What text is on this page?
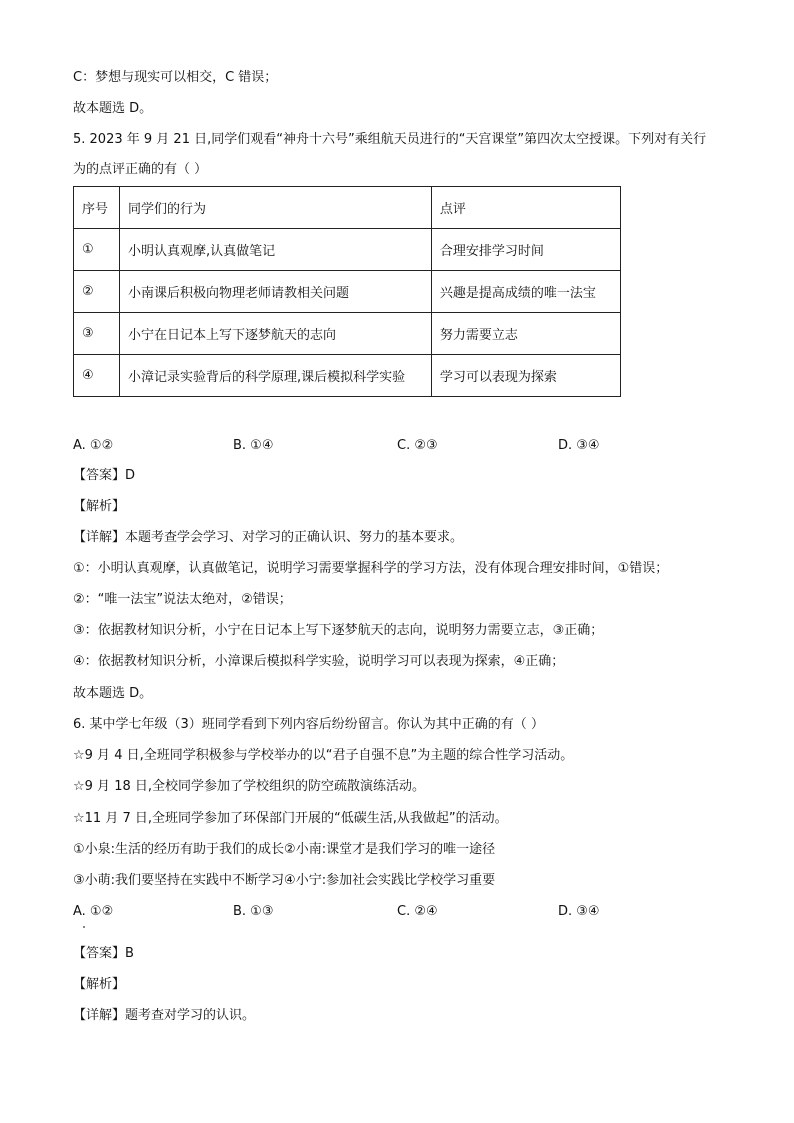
C：梦想与现实可以相交，C 错误；
故本题选 D。
5. 2023 年 9 月 21 日,同学们观看“神舟十六号”乘组航天员进行的“天宫课堂”第四次太空授课。下列对有关行
为的点评正确的有（ ）
序号	同学们的行为	点评
①	小明认真观摩,认真做笔记	合理安排学习时间
②	小南课后积极向物理老师请教相关问题	兴趣是提高成绩的唯一法宝
③	小宁在日记本上写下逐梦航天的志向	努力需要立志
④	小漳记录实验背后的科学原理,课后模拟科学实验	学习可以表现为探索
A. ①②	B. ①④	C. ②③	D. ③④
【答案】D
【解析】
【详解】本题考查学会学习、对学习的正确认识、努力的基本要求。
①：小明认真观摩，认真做笔记，说明学习需要掌握科学的学习方法，没有体现合理安排时间，①错误；
②：“唯一法宝”说法太绝对，②错误；
③：依据教材知识分析，小宁在日记本上写下逐梦航天的志向，说明努力需要立志，③正确；
④：依据教材知识分析，小漳课后模拟科学实验，说明学习可以表现为探索，④正确；
故本题选 D。
6. 某中学七年级（3）班同学看到下列内容后纷纷留言。你认为其中正确的有（ ）
☆9 月 4 日,全班同学积极参与学校举办的以“君子自强不息”为主题的综合性学习活动。
☆9 月 18 日,全校同学参加了学校组织的防空疏散演练活动。
☆11 月 7 日,全班同学参加了环保部门开展的“低碳生活,从我做起”的活动。
①小泉:生活的经历有助于我们的成长②小南:课堂才是我们学习的唯一途径
③小萌:我们要坚持在实践中不断学习④小宁:参加社会实践比学校学习重要
A. ①②	B. ①③	C. ②④	D. ③④
【答案】B
【解析】
【详解】题考查对学习的认识。
